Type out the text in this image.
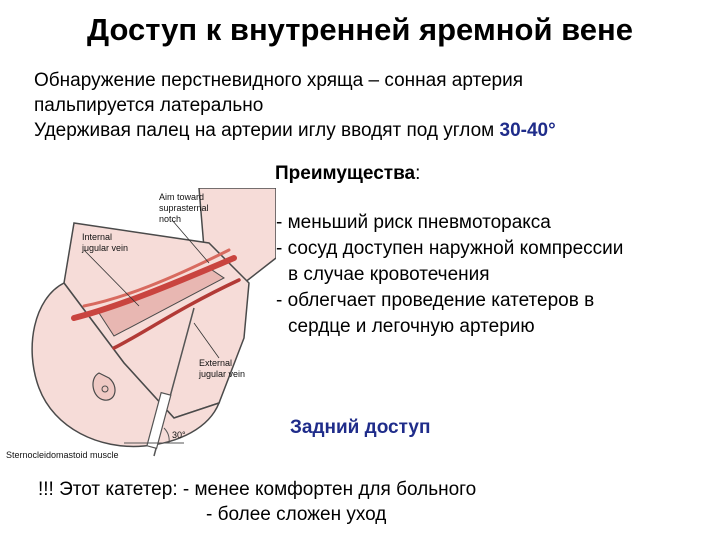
Доступ к внутренней яремной вене
Обнаружение перстневидного хряща – сонная артерия
пальпируется латерально
Удерживая палец на артерии иглу вводят под углом 30-40°
Преимущества:
- меньший риск пневмоторакса
- сосуд доступен наружной компрессии
в случае кровотечения
- облегчает проведение катетеров в
сердце и легочную артерию
Aim toward
suprasternal
notch
Internal
jugular vein
External
jugular vein
30°
Sternocleidomastoid muscle
Задний доступ
!!! Этот катетер: - менее комфортен для больного
- более сложен уход
